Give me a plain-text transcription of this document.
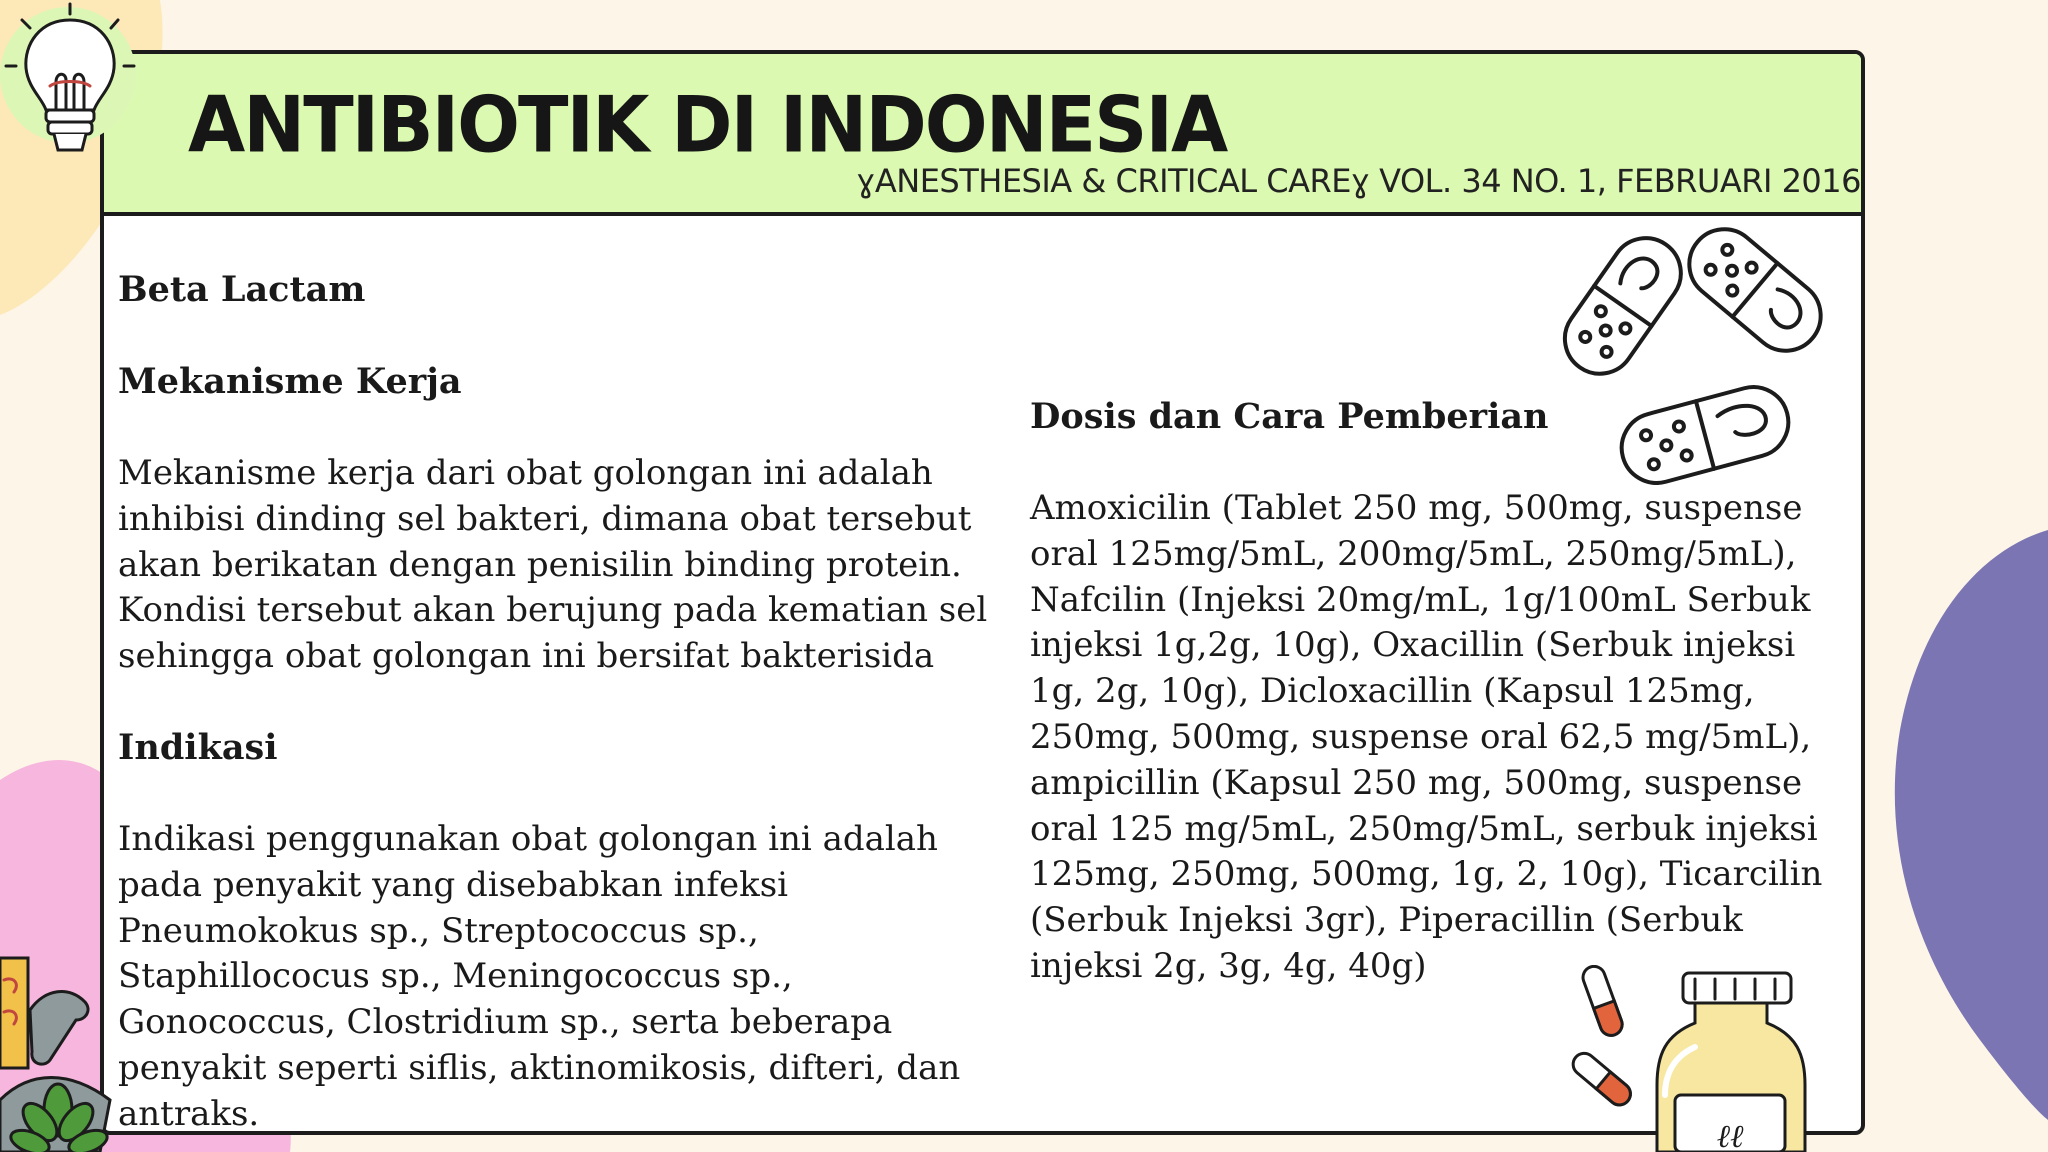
ANTIBIOTIK DI INDONESIA
ɣANESTHESIA & CRITICAL CAREɣ VOL. 34 NO. 1, FEBRUARI 2016

Beta Lactam

Mekanisme Kerja

Mekanisme kerja dari obat golongan ini adalah inhibisi dinding sel bakteri, dimana obat tersebut akan berikatan dengan penisilin binding protein. Kondisi tersebut akan berujung pada kematian sel sehingga obat golongan ini bersifat bakterisida

Indikasi

Indikasi penggunakan obat golongan ini adalah pada penyakit yang disebabkan infeksi Pneumokokus sp., Streptococcus sp., Staphillococus sp., Meningococcus sp., Gonococcus, Clostridium sp., serta beberapa penyakit seperti siflis, aktinomikosis, difteri, dan antraks.

Dosis dan Cara Pemberian

Amoxicilin (Tablet 250 mg, 500mg, suspense oral 125mg/5mL, 200mg/5mL, 250mg/5mL), Nafcilin (Injeksi 20mg/mL, 1g/100mL Serbuk injeksi 1g,2g, 10g), Oxacillin (Serbuk injeksi 1g, 2g, 10g), Dicloxacillin (Kapsul 125mg, 250mg, 500mg, suspense oral 62,5 mg/5mL), ampicillin (Kapsul 250 mg, 500mg, suspense oral 125 mg/5mL, 250mg/5mL, serbuk injeksi 125mg, 250mg, 500mg, 1g, 2, 10g), Ticarcilin (Serbuk Injeksi 3gr), Piperacillin (Serbuk injeksi 2g, 3g, 4g, 40g)

ℓℓ
